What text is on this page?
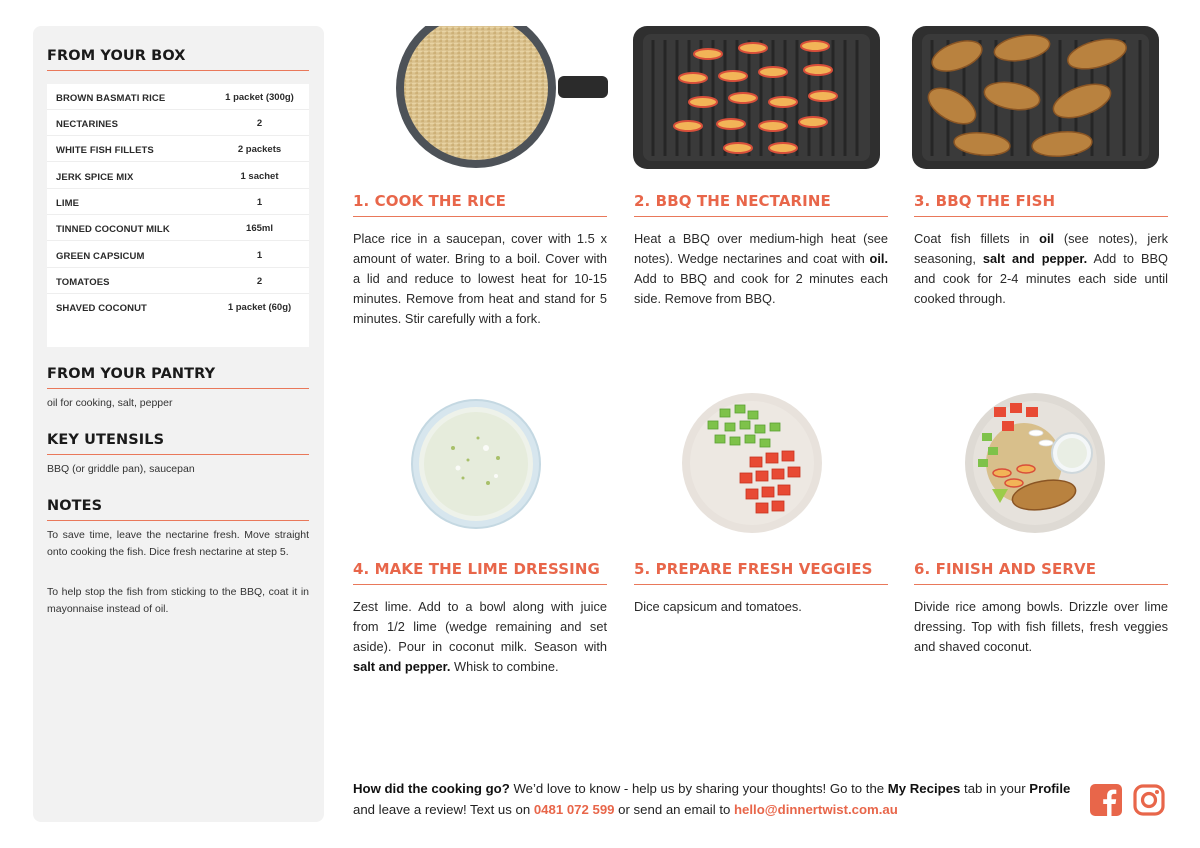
FROM YOUR BOX
BROWN BASMATI RICE	1 packet (300g)
NECTARINES	2
WHITE FISH FILLETS	2 packets
JERK SPICE MIX	1 sachet
LIME	1
TINNED COCONUT MILK	165ml
GREEN CAPSICUM	1
TOMATOES	2
SHAVED COCONUT	1 packet (60g)
FROM YOUR PANTRY
oil for cooking, salt, pepper
KEY UTENSILS
BBQ (or griddle pan), saucepan
NOTES
To save time, leave the nectarine fresh. Move straight onto cooking the fish. Dice fresh nectarine at step 5.
To help stop the fish from sticking to the BBQ, coat it in mayonnaise instead of oil.
1. COOK THE RICE
Place rice in a saucepan, cover with 1.5 x amount of water. Bring to a boil. Cover with a lid and reduce to lowest heat for 10-15 minutes. Remove from heat and stand for 5 minutes. Stir carefully with a fork.
2. BBQ THE NECTARINE
Heat a BBQ over medium-high heat (see notes). Wedge nectarines and coat with oil. Add to BBQ and cook for 2 minutes each side. Remove from BBQ.
3. BBQ THE FISH
Coat fish fillets in oil (see notes), jerk seasoning, salt and pepper. Add to BBQ and cook for 2-4 minutes each side until cooked through.
4. MAKE THE LIME DRESSING
Zest lime. Add to a bowl along with juice from 1/2 lime (wedge remaining and set aside). Pour in coconut milk. Season with salt and pepper. Whisk to combine.
5. PREPARE FRESH VEGGIES
Dice capsicum and tomatoes.
6. FINISH AND SERVE
Divide rice among bowls. Drizzle over lime dressing. Top with fish fillets, fresh veggies and shaved coconut.
How did the cooking go? We’d love to know - help us by sharing your thoughts! Go to the My Recipes tab in your Profile and leave a review! Text us on 0481 072 599 or send an email to hello@dinnertwist.com.au
